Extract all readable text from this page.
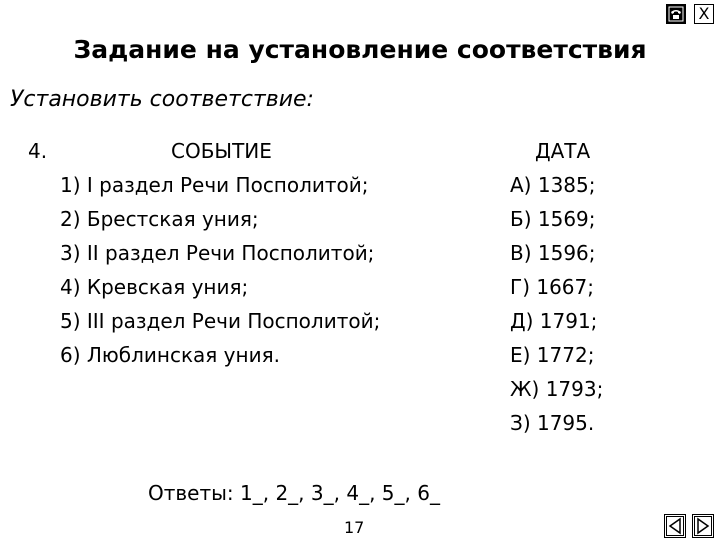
X
Задание на установление соответствия
Установить соответствие:
4.	СОБЫТИЕ	ДАТА
1) I раздел Речи Посполитой;
2) Брестская уния;
3) II раздел Речи Посполитой;
4) Кревская уния;
5) III раздел Речи Посполитой;
6) Люблинская уния.
А) 1385;
Б) 1569;
В) 1596;
Г) 1667;
Д) 1791;
Е) 1772;
Ж) 1793;
З) 1795.
Ответы: 1_, 2_, 3_, 4_, 5_, 6_
17
